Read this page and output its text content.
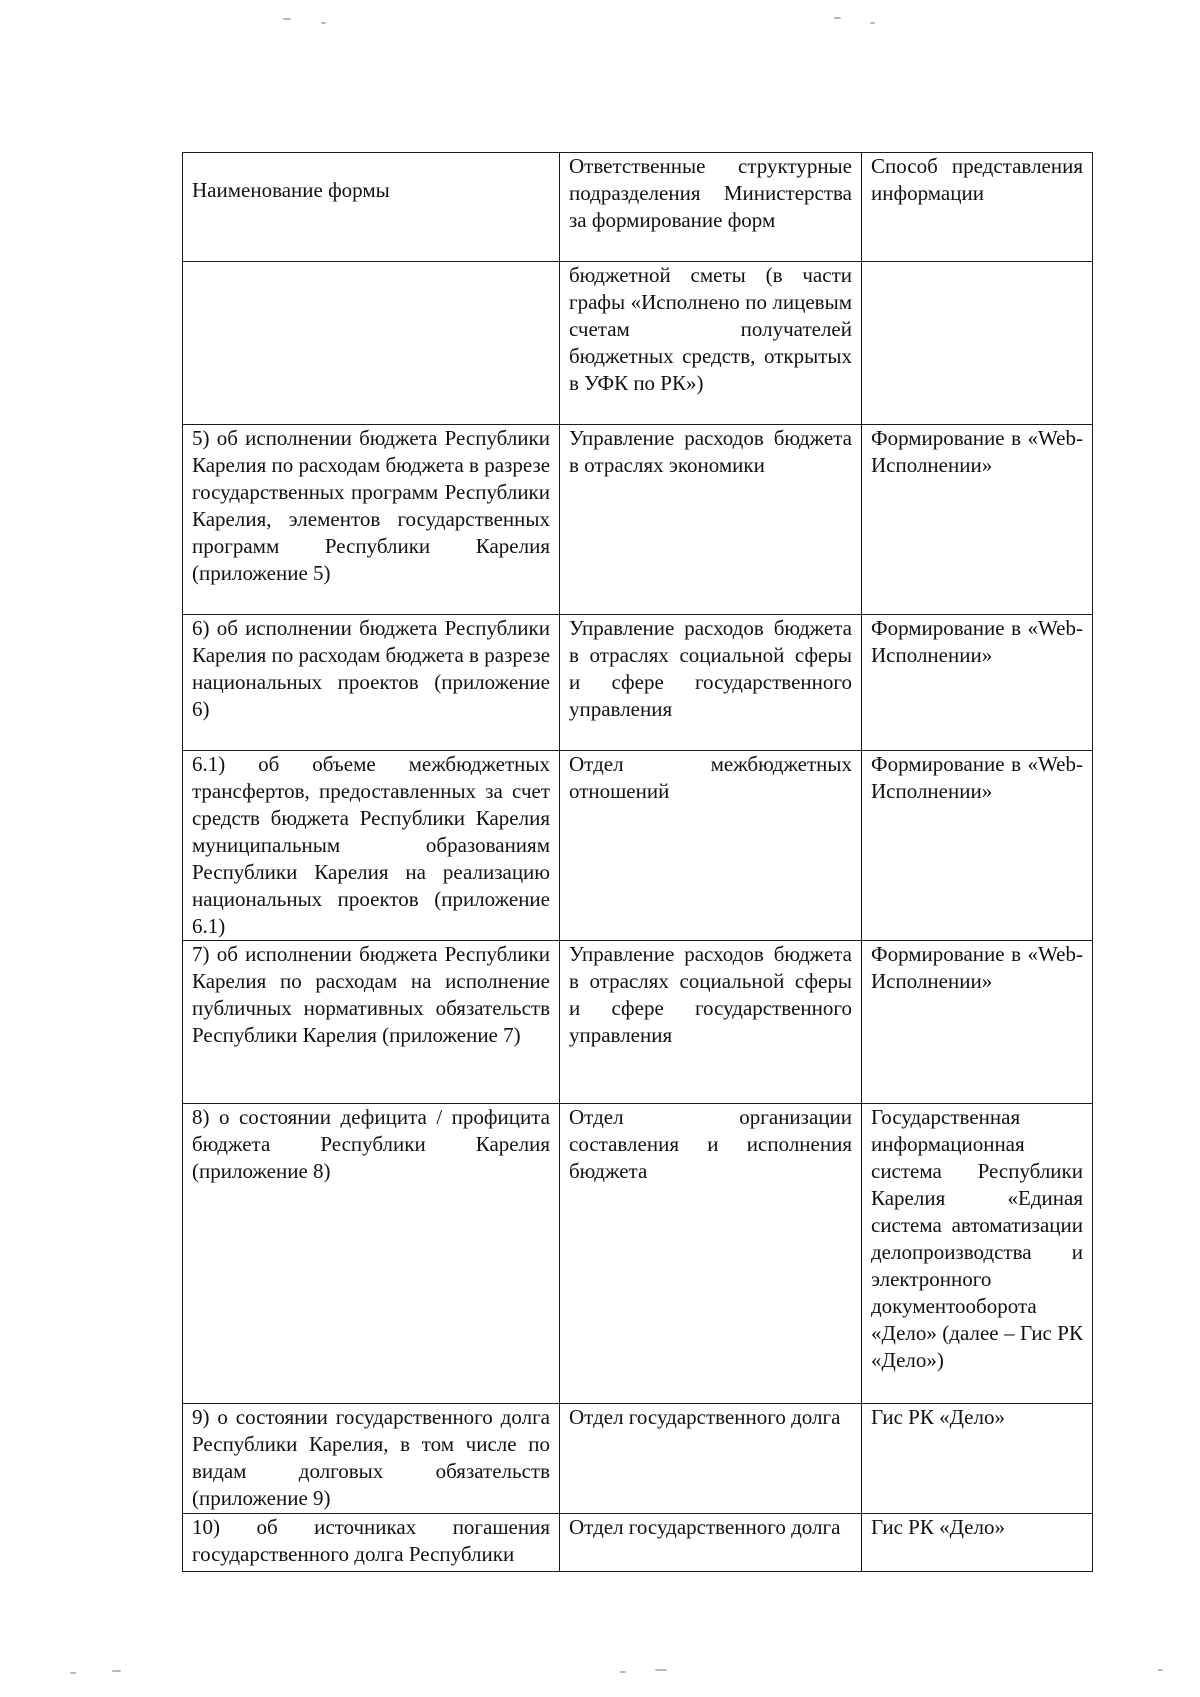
Наименование формы	Ответственные структурные подразделения Министерства за формирование форм	Способ представления информации
	бюджетной сметы (в части графы «Исполнено по лицевым счетам получателей бюджетных средств, открытых в УФК по РК»)	
5) об исполнении бюджета Республики Карелия по расходам бюджета в разрезе государственных программ Республики Карелия, элементов государственных программ Республики Карелия (приложение 5)	Управление расходов бюджета в отраслях экономики	Формирование в «Web-Исполнении»
6) об исполнении бюджета Республики Карелия по расходам бюджета в разрезе национальных проектов (приложение 6)	Управление расходов бюджета в отраслях социальной сферы и сфере государственного управления	Формирование в «Web-Исполнении»
6.1) об объеме межбюджетных трансфертов, предоставленных за счет средств бюджета Республики Карелия муниципальным образованиям Республики Карелия на реализацию национальных проектов (приложение 6.1)	Отдел межбюджетных отношений	Формирование в «Web-Исполнении»
7) об исполнении бюджета Республики Карелия по расходам на исполнение публичных нормативных обязательств Республики Карелия (приложение 7)	Управление расходов бюджета в отраслях социальной сферы и сфере государственного управления	Формирование в «Web-Исполнении»
8) о состоянии дефицита / профицита бюджета Республики Карелия (приложение 8)	Отдел организации составления и исполнения бюджета	Государственная информационная система Республики Карелия «Единая система автоматизации делопроизводства и электронного документооборота «Дело» (далее – Гис РК «Дело»)
9) о состоянии государственного долга Республики Карелия, в том числе по видам долговых обязательств (приложение 9)	Отдел государственного долга	Гис РК «Дело»
10) об источниках погашения государственного долга Республики	Отдел государственного долга	Гис РК «Дело»
